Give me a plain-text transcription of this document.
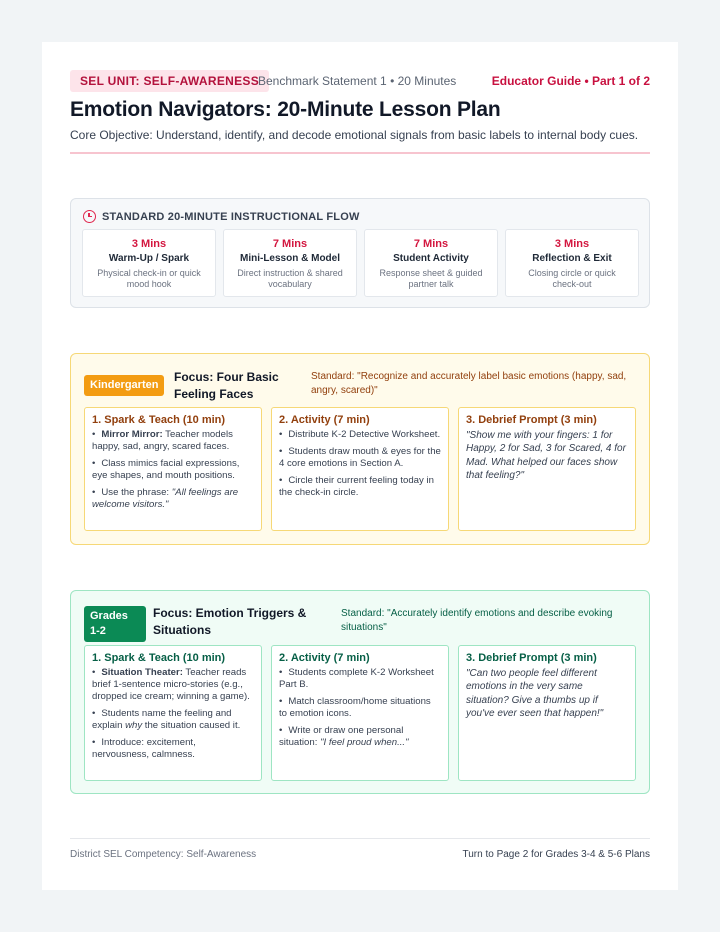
SEL UNIT: SELF-AWARENESS Benchmark Statement 1 • 20 Minutes	Educator Guide • Part 1 of 2
Emotion Navigators: 20-Minute Lesson Plan
Core Objective: Understand, identify, and decode emotional signals from basic labels to internal body cues.
STANDARD 20-MINUTE INSTRUCTIONAL FLOW
3 Mins
Warm-Up / Spark
Physical check-in or quick mood hook
7 Mins
Mini-Lesson & Model
Direct instruction & shared vocabulary
7 Mins
Student Activity
Response sheet & guided partner talk
3 Mins
Reflection & Exit
Closing circle or quick check-out
Kindergarten
Focus: Four Basic Feeling Faces
Standard: "Recognize and accurately label basic emotions (happy, sad, angry, scared)"
1. Spark & Teach (10 min)
• Mirror Mirror: Teacher models happy, sad, angry, scared faces.
• Class mimics facial expressions, eye shapes, and mouth positions.
• Use the phrase: "All feelings are welcome visitors."
2. Activity (7 min)
• Distribute K-2 Detective Worksheet.
• Students draw mouth & eyes for the 4 core emotions in Section A.
• Circle their current feeling today in the check-in circle.
3. Debrief Prompt (3 min)
"Show me with your fingers: 1 for Happy, 2 for Sad, 3 for Scared, 4 for Mad. What helped our faces show that feeling?"
Grades 1-2
Focus: Emotion Triggers & Situations
Standard: "Accurately identify emotions and describe evoking situations"
1. Spark & Teach (10 min)
• Situation Theater: Teacher reads brief 1-sentence micro-stories (e.g., dropped ice cream; winning a game).
• Students name the feeling and explain why the situation caused it.
• Introduce: excitement, nervousness, calmness.
2. Activity (7 min)
• Students complete K-2 Worksheet Part B.
• Match classroom/home situations to emotion icons.
• Write or draw one personal situation: "I feel proud when..."
3. Debrief Prompt (3 min)
"Can two people feel different emotions in the very same situation? Give a thumbs up if you've ever seen that happen!"
District SEL Competency: Self-Awareness	Turn to Page 2 for Grades 3-4 & 5-6 Plans
